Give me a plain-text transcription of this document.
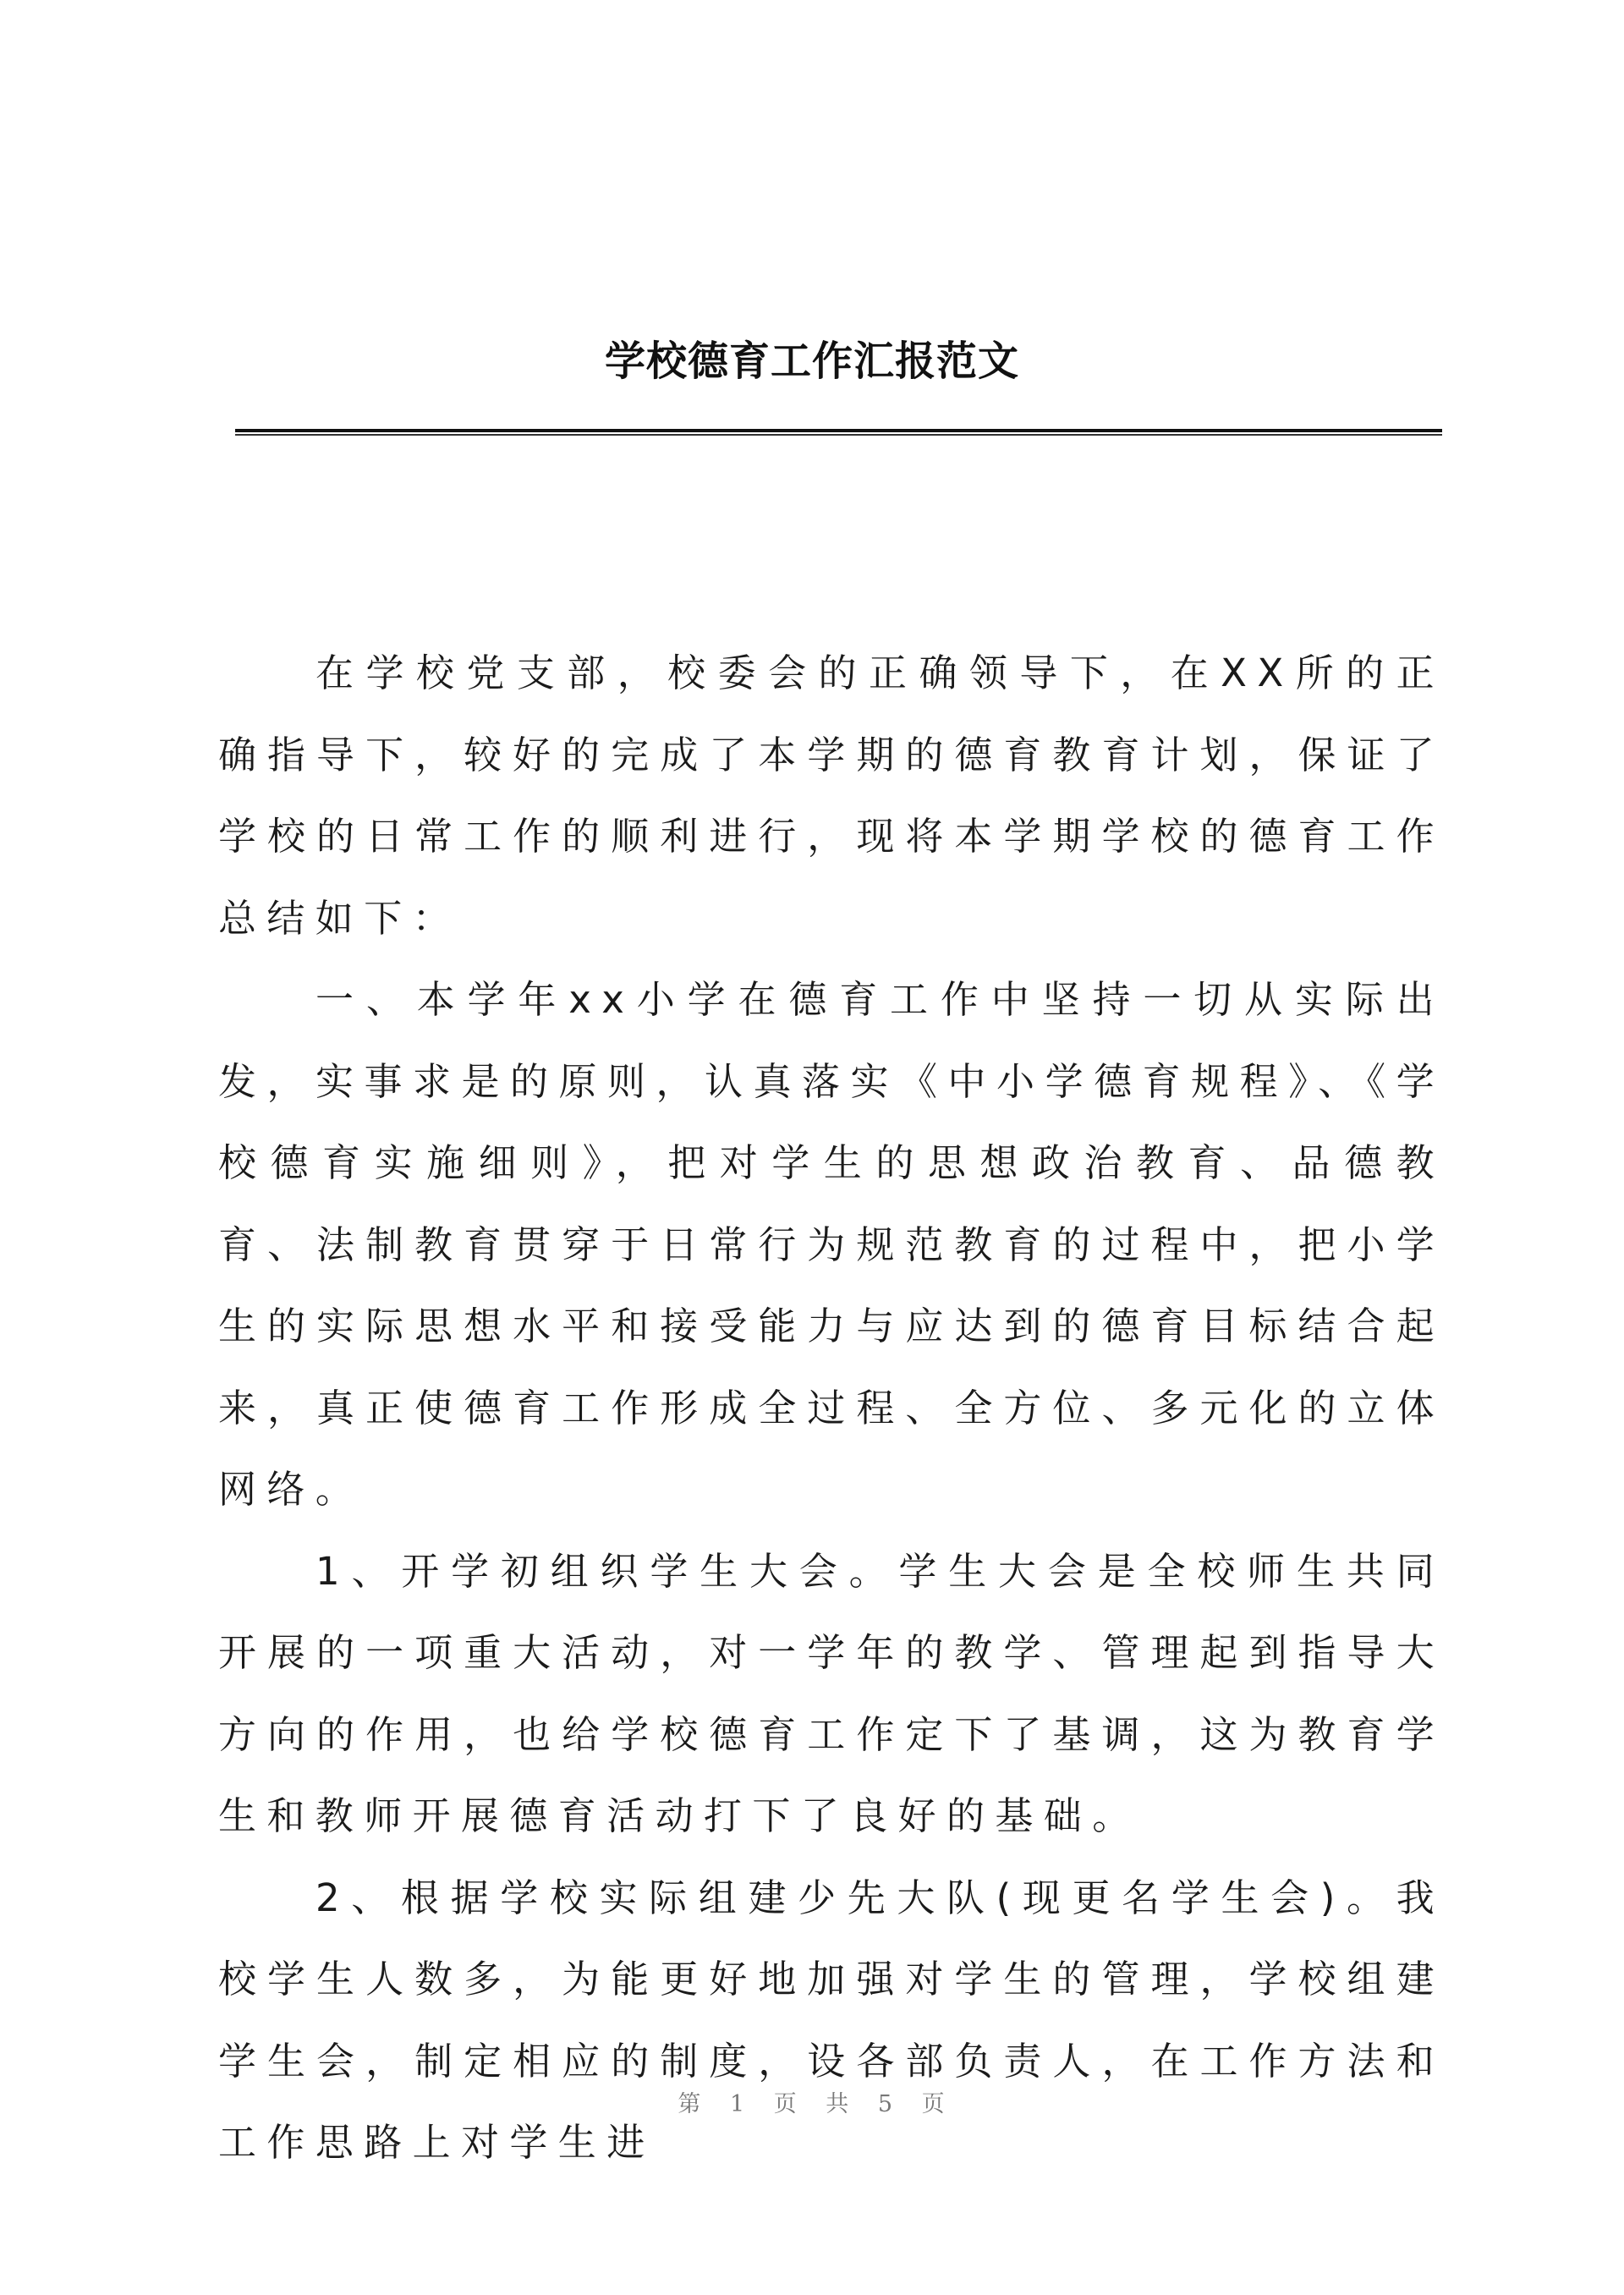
学校德育工作汇报范文

在学校党支部，校委会的正确领导下，在XX所的正确指导下，较好的完成了本学期的德育教育计划，保证了学校的日常工作的顺利进行，现将本学期学校的德育工作总结如下：

一、本学年xx小学在德育工作中坚持一切从实际出发，实事求是的原则，认真落实《中小学德育规程》、《学校德育实施细则》，把对学生的思想政治教育、品德教育、法制教育贯穿于日常行为规范教育的过程中，把小学生的实际思想水平和接受能力与应达到的德育目标结合起来，真正使德育工作形成全过程、全方位、多元化的立体网络。

1、开学初组织学生大会。学生大会是全校师生共同开展的一项重大活动，对一学年的教学、管理起到指导大方向的作用，也给学校德育工作定下了基调，这为教育学生和教师开展德育活动打下了良好的基础。

2、根据学校实际组建少先大队(现更名学生会)。我校学生人数多，为能更好地加强对学生的管理，学校组建学生会，制定相应的制度，设各部负责人，在工作方法和工作思路上对学生进

第 1 页 共 5 页
